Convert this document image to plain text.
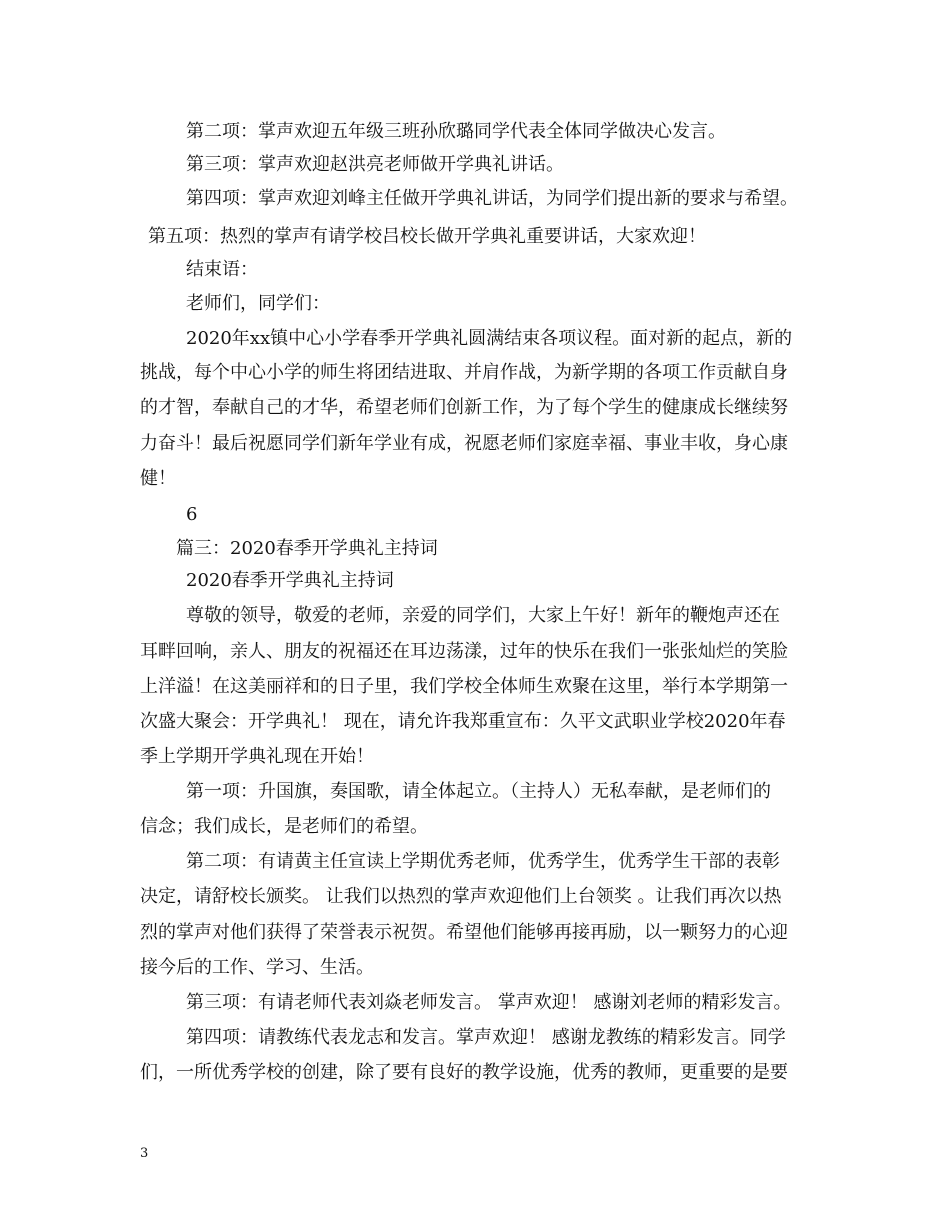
第二项：掌声欢迎五年级三班孙欣璐同学代表全体同学做决心发言。
第三项：掌声欢迎赵洪亮老师做开学典礼讲话。
第四项：掌声欢迎刘峰主任做开学典礼讲话，为同学们提出新的要求与希望。
第五项：热烈的掌声有请学校吕校长做开学典礼重要讲话，大家欢迎！
结束语：
老师们，同学们：
2020年xx镇中心小学春季开学典礼圆满结束各项议程。面对新的起点，新的
挑战，每个中心小学的师生将团结进取、并肩作战，为新学期的各项工作贡献自身
的才智，奉献自己的才华，希望老师们创新工作，为了每个学生的健康成长继续努
力奋斗！最后祝愿同学们新年学业有成，祝愿老师们家庭幸福、事业丰收，身心康
健！
6
篇三：2020春季开学典礼主持词
2020春季开学典礼主持词
尊敬的领导，敬爱的老师，亲爱的同学们，大家上午好！新年的鞭炮声还在
耳畔回响，亲人、朋友的祝福还在耳边荡漾，过年的快乐在我们一张张灿烂的笑脸
上洋溢！在这美丽祥和的日子里，我们学校全体师生欢聚在这里，举行本学期第一
次盛大聚会：开学典礼！ 现在，请允许我郑重宣布：久平文武职业学校2020年春
季上学期开学典礼现在开始！
第一项：升国旗，奏国歌，请全体起立。（主持人）无私奉献，是老师们的
信念；我们成长，是老师们的希望。
第二项：有请黄主任宣读上学期优秀老师，优秀学生，优秀学生干部的表彰
决定，请舒校长颁奖。 让我们以热烈的掌声欢迎他们上台领奖 。让我们再次以热
烈的掌声对他们获得了荣誉表示祝贺。希望他们能够再接再励，以一颗努力的心迎
接今后的工作、学习、生活。
第三项：有请老师代表刘焱老师发言。 掌声欢迎！ 感谢刘老师的精彩发言。
第四项：请教练代表龙志和发言。掌声欢迎！ 感谢龙教练的精彩发言。同学
们，一所优秀学校的创建，除了要有良好的教学设施，优秀的教师，更重要的是要
3
